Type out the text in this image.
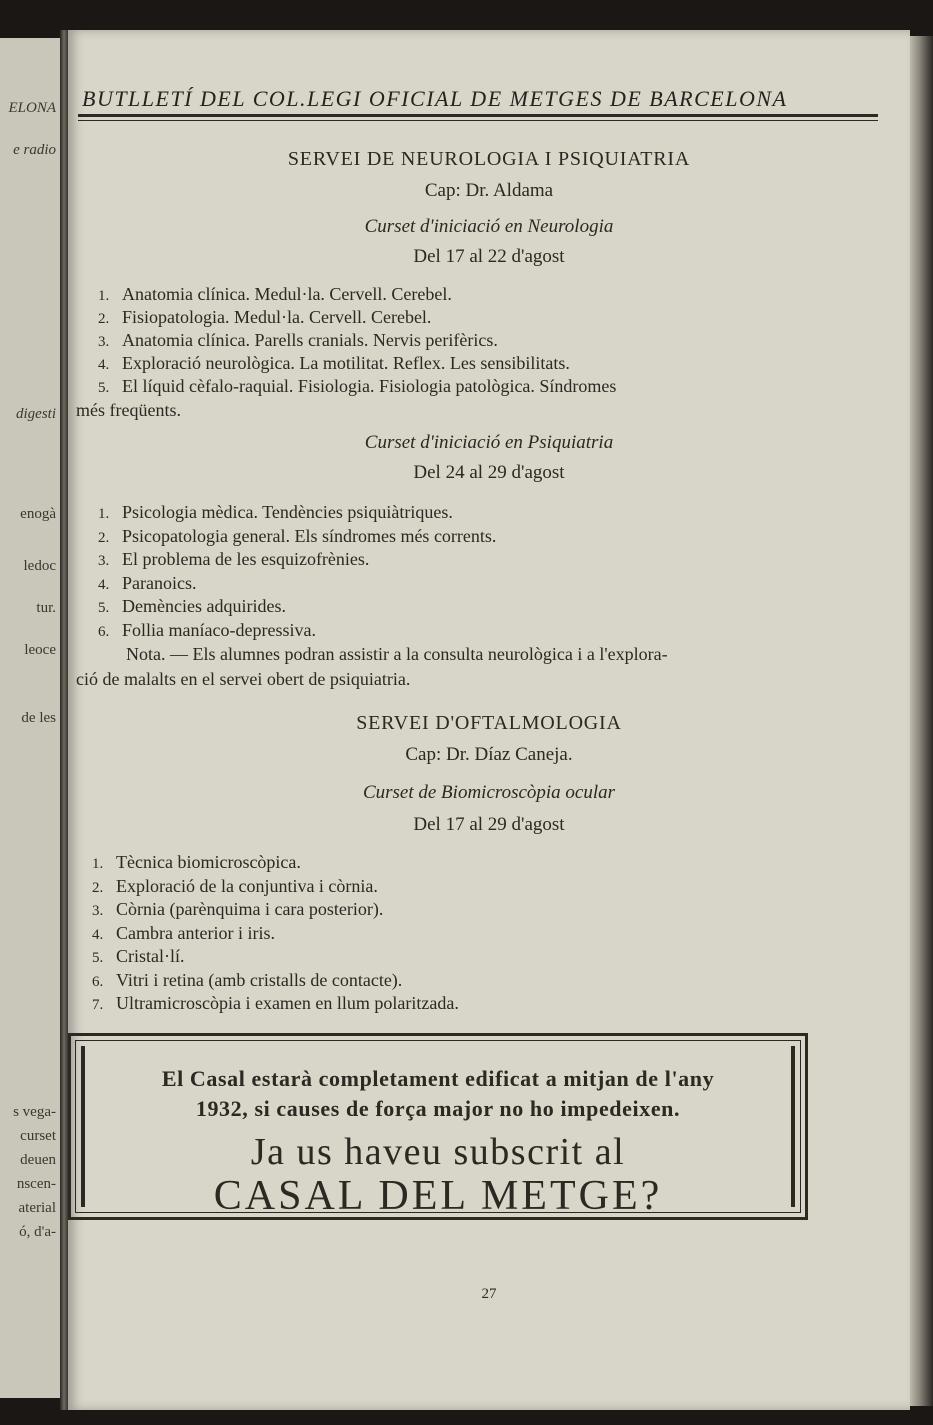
ELONA
e radio
digesti
enogà
ledoc
tur.
leoce
de les
s vega-
curset
deuen
nscen-
aterial
ó, d'a-

BUTLLETÍ DEL COL.LEGI OFICIAL DE METGES DE BARCELONA
SERVEI DE NEUROLOGIA I PSIQUIATRIA
Cap: Dr. Aldama
Curset d'iniciació en Neurologia
Del 17 al 22 d'agost
1. Anatomia clínica. Medul·la. Cervell. Cerebel.
2. Fisiopatologia. Medul·la. Cervell. Cerebel.
3. Anatomia clínica. Parells cranials. Nervis perifèrics.
4. Exploració neurològica. La motilitat. Reflex. Les sensibilitats.
5. El líquid cèfalo-raquial. Fisiologia. Fisiologia patològica. Síndromes
més freqüents.
Curset d'iniciació en Psiquiatria
Del 24 al 29 d'agost
1. Psicologia mèdica. Tendències psiquiàtriques.
2. Psicopatologia general. Els síndromes més corrents.
3. El problema de les esquizofrènies.
4. Paranoics.
5. Demències adquirides.
6. Follia maníaco-depressiva.
Nota. — Els alumnes podran assistir a la consulta neurològica i a l'explora-
ció de malalts en el servei obert de psiquiatria.
SERVEI D'OFTALMOLOGIA
Cap: Dr. Díaz Caneja.
Curset de Biomicroscòpia ocular
Del 17 al 29 d'agost
1. Tècnica biomicroscòpica.
2. Exploració de la conjuntiva i còrnia.
3. Còrnia (parènquima i cara posterior).
4. Cambra anterior i iris.
5. Cristal·lí.
6. Vitri i retina (amb cristalls de contacte).
7. Ultramicroscòpia i examen en llum polaritzada.
El Casal estarà completament edificat a mitjan de l'any
1932, si causes de força major no ho impedeixen.
Ja us haveu subscrit al
CASAL DEL METGE?
27
